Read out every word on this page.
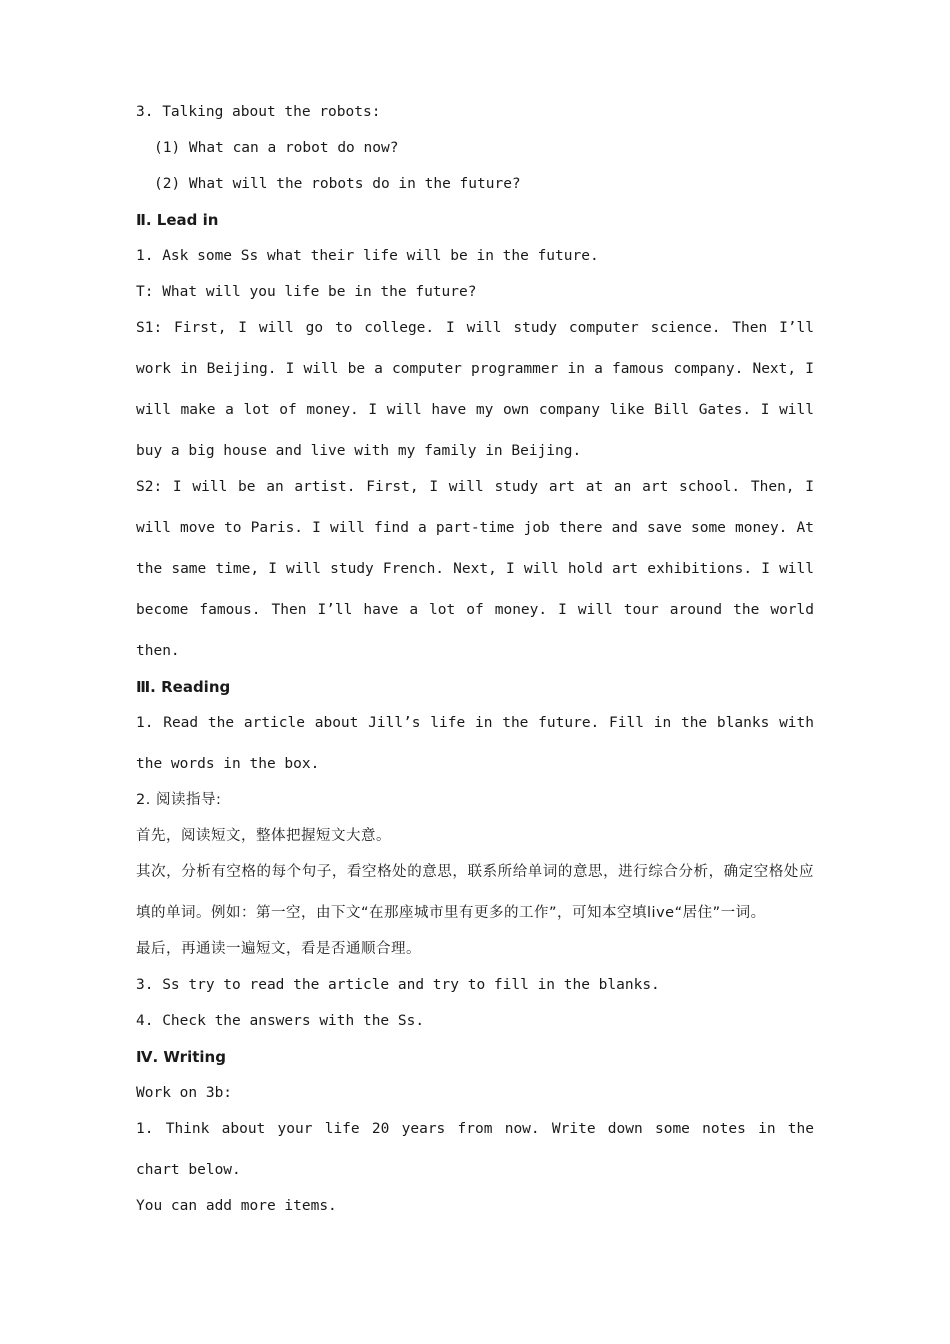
3. Talking about the robots:
(1) What can a robot do now?
(2) What will the robots do in the future?
Ⅱ. Lead in
1. Ask some Ss what their life will be in the future.
T: What will you life be in the future?
S1: First, I will go to college. I will study computer science. Then I’ll work in Beijing. I will be a computer programmer in a famous company. Next, I will make a lot of money. I will have my own company like Bill Gates. I will buy a big house and live with my family in Beijing.
S2: I will be an artist. First, I will study art at an art school. Then, I will move to Paris. I will find a part-time job there and save some money. At the same time, I will study French. Next, I will hold art exhibitions. I will become famous. Then I’ll have a lot of money. I will tour around the world then.
Ⅲ. Reading
1. Read the article about Jill’s life in the future. Fill in the blanks with the words in the box.
2. 阅读指导:
首先，阅读短文，整体把握短文大意。
其次，分析有空格的每个句子，看空格处的意思，联系所给单词的意思，进行综合分析，确定空格处应填的单词。例如：第一空，由下文“在那座城市里有更多的工作”，可知本空填live“居住”一词。
最后，再通读一遍短文，看是否通顺合理。
3. Ss try to read the article and try to fill in the blanks.
4. Check the answers with the Ss.
Ⅳ. Writing
Work on 3b:
1. Think about your life 20 years from now. Write down some notes in the chart below.
You can add more items.
